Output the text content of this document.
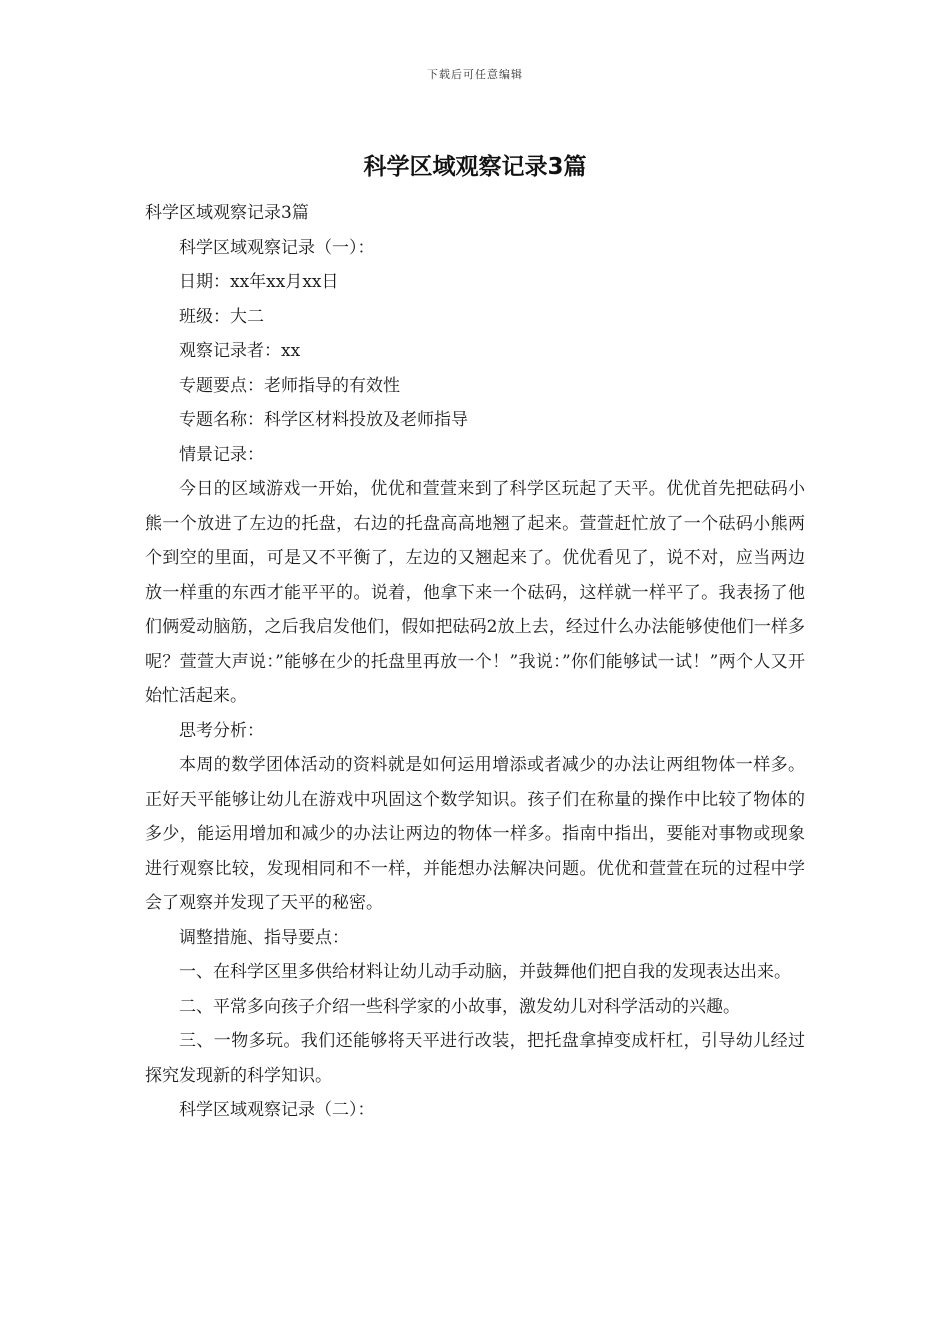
下载后可任意编辑
科学区域观察记录3篇

科学区域观察记录3篇

科学区域观察记录（一）：

日期：xx年xx月xx日

班级：大二

观察记录者：xx

专题要点：老师指导的有效性

专题名称：科学区材料投放及老师指导

情景记录：

今日的区域游戏一开始，优优和萱萱来到了科学区玩起了天平。优优首先把砝码小熊一个放进了左边的托盘，右边的托盘高高地翘了起来。萱萱赶忙放了一个砝码小熊两个到空的里面，可是又不平衡了，左边的又翘起来了。优优看见了，说不对，应当两边放一样重的东西才能平平的。说着，他拿下来一个砝码，这样就一样平了。我表扬了他们俩爱动脑筋，之后我启发他们，假如把砝码2放上去，经过什么办法能够使他们一样多呢？萱萱大声说：”能够在少的托盘里再放一个！”我说：”你们能够试一试！”两个人又开始忙活起来。

思考分析：

本周的数学团体活动的资料就是如何运用增添或者减少的办法让两组物体一样多。正好天平能够让幼儿在游戏中巩固这个数学知识。孩子们在称量的操作中比较了物体的多少，能运用增加和减少的办法让两边的物体一样多。指南中指出，要能对事物或现象进行观察比较，发现相同和不一样，并能想办法解决问题。优优和萱萱在玩的过程中学会了观察并发现了天平的秘密。

调整措施、指导要点：

一、在科学区里多供给材料让幼儿动手动脑，并鼓舞他们把自我的发现表达出来。

二、平常多向孩子介绍一些科学家的小故事，激发幼儿对科学活动的兴趣。

三、一物多玩。我们还能够将天平进行改装，把托盘拿掉变成杆杠，引导幼儿经过探究发现新的科学知识。

科学区域观察记录（二）：
